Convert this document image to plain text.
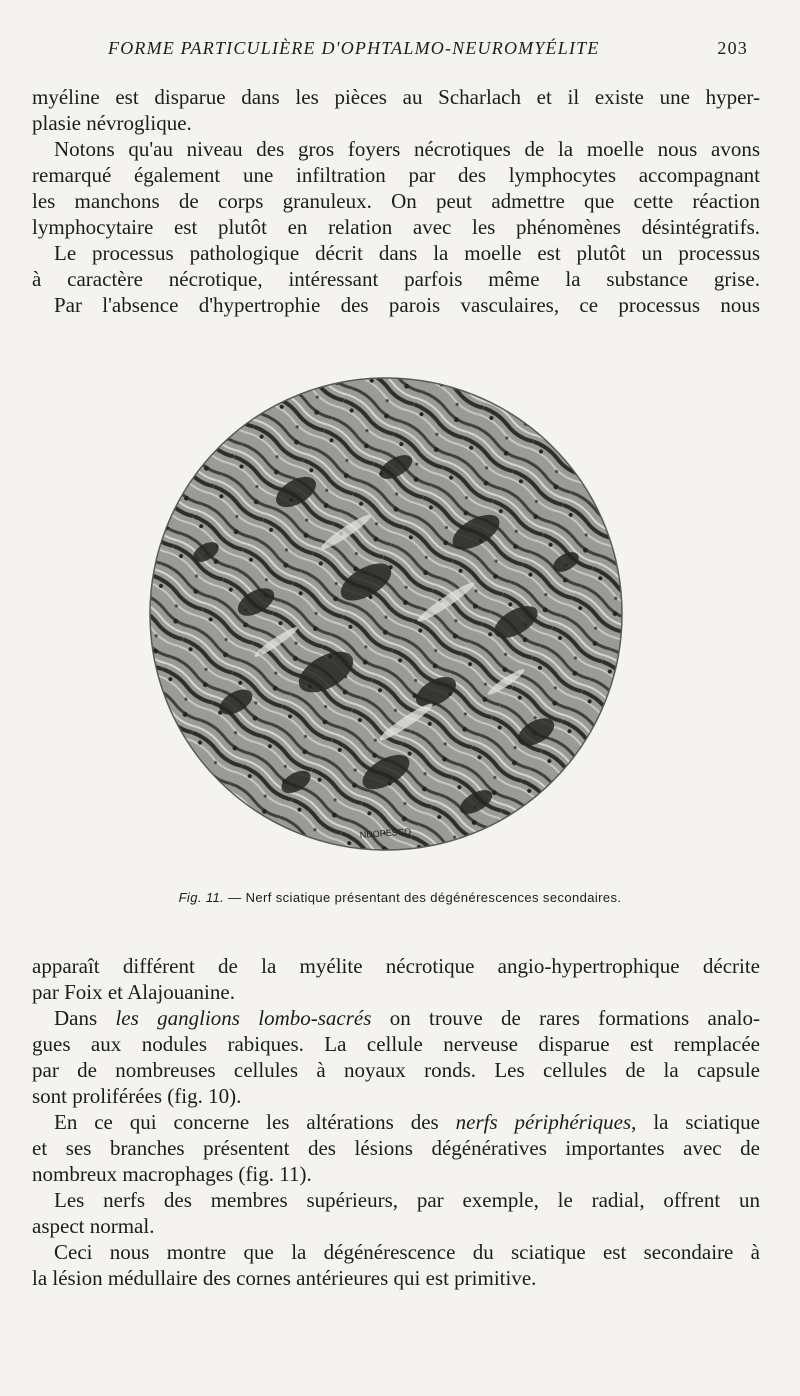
FORME PARTICULIÈRE D'OPHTALMO-NEUROMYÉLITE	203
myéline est disparue dans les pièces au Scharlach et il existe une hyper-
plasie névroglique.
Notons qu'au niveau des gros foyers nécrotiques de la moelle nous avons
remarqué également une infiltration par des lymphocytes accompagnant
les manchons de corps granuleux. On peut admettre que cette réaction
lymphocytaire est plutôt en relation avec les phénomènes désintégratifs.
Le processus pathologique décrit dans la moelle est plutôt un processus
à caractère nécrotique, intéressant parfois même la substance grise.
Par l'absence d'hypertrophie des parois vasculaires, ce processus nous
NDOPESCO
Fig. 11. — Nerf sciatique présentant des dégénérescences secondaires.
apparaît différent de la myélite nécrotique angio-hypertrophique décrite
par Foix et Alajouanine.
Dans les ganglions lombo-sacrés on trouve de rares formations analo-
gues aux nodules rabiques. La cellule nerveuse disparue est remplacée
par de nombreuses cellules à noyaux ronds. Les cellules de la capsule
sont proliférées (fig. 10).
En ce qui concerne les altérations des nerfs périphériques, la sciatique
et ses branches présentent des lésions dégénératives importantes avec de
nombreux macrophages (fig. 11).
Les nerfs des membres supérieurs, par exemple, le radial, offrent un
aspect normal.
Ceci nous montre que la dégénérescence du sciatique est secondaire à
la lésion médullaire des cornes antérieures qui est primitive.
